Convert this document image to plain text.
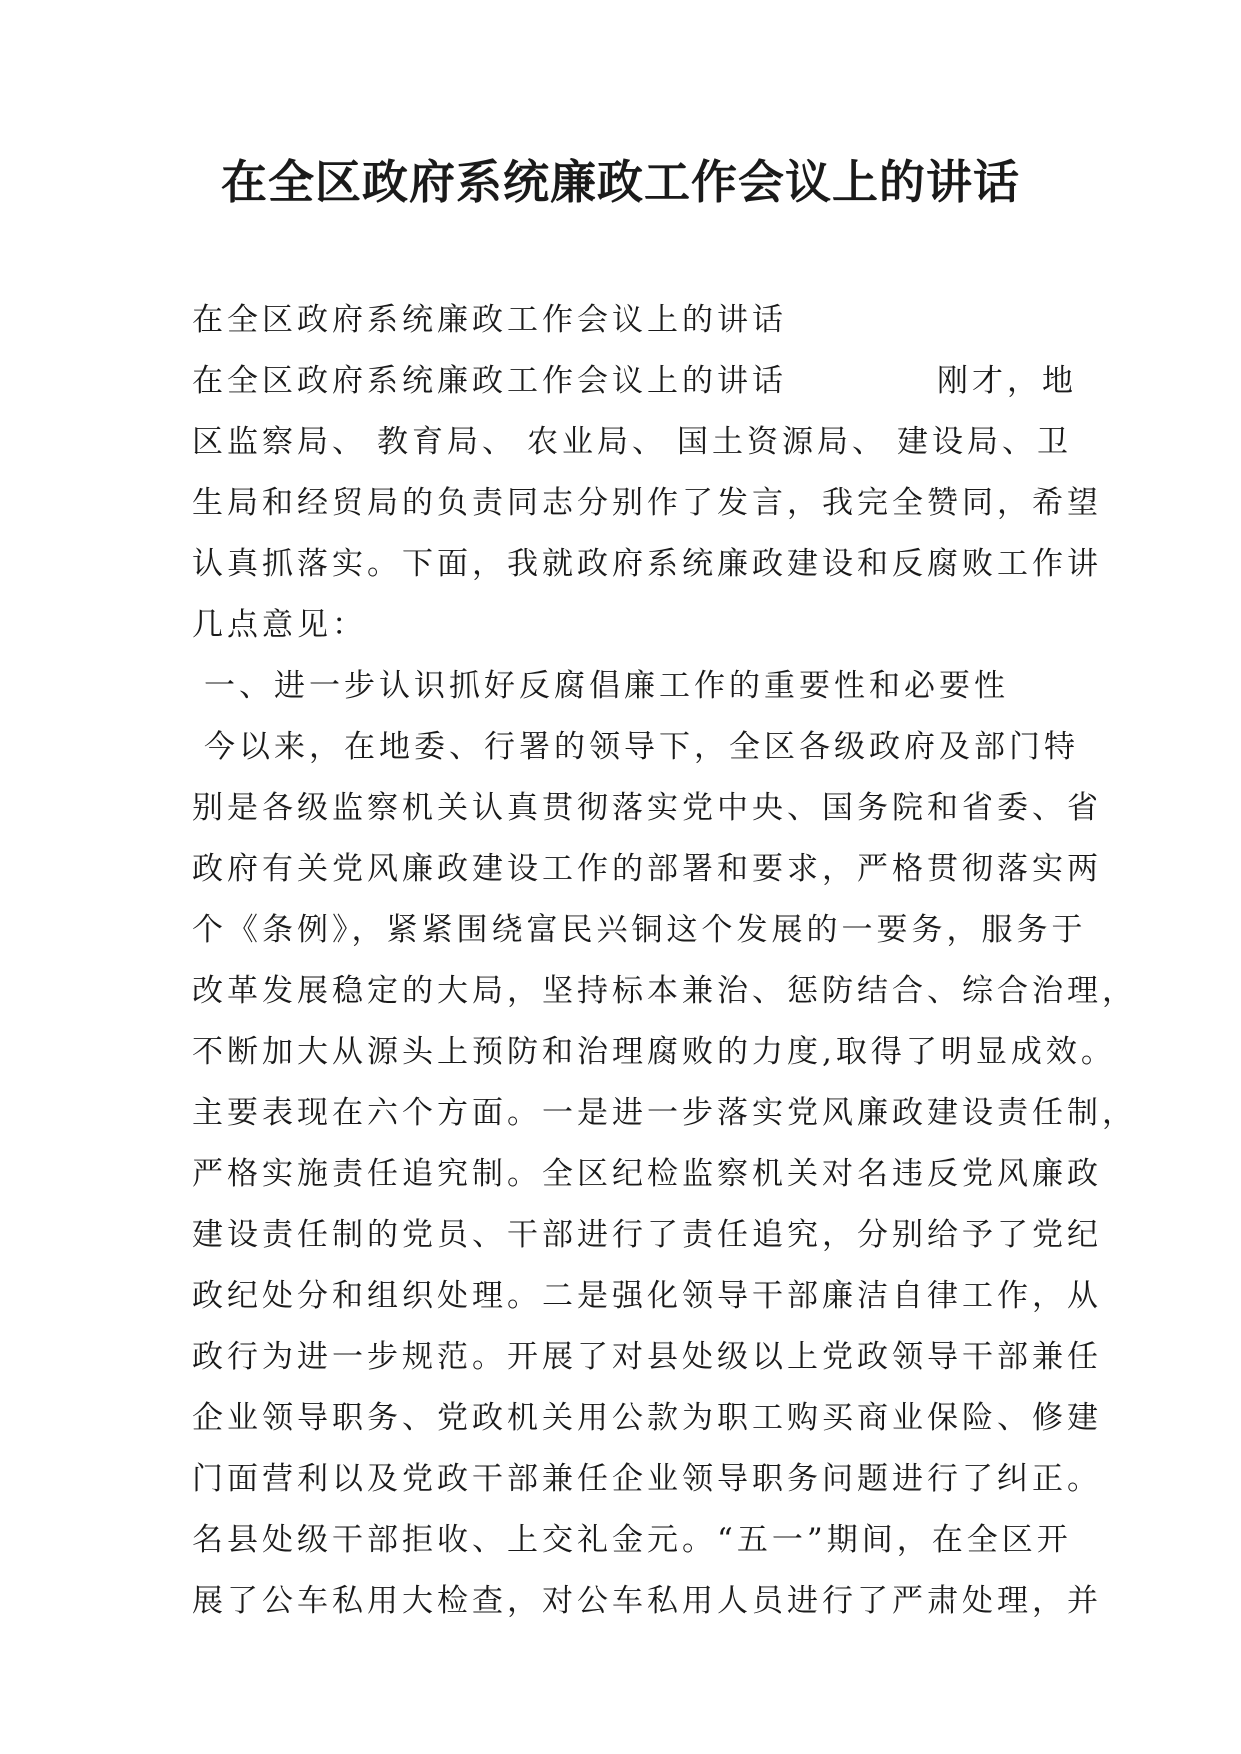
在全区政府系统廉政工作会议上的讲话
在全区政府系统廉政工作会议上的讲话
在全区政府系统廉政工作会议上的讲话	刚才，地
区监察局、 教育局、 农业局、 国土资源局、 建设局、卫
生局和经贸局的负责同志分别作了发言，我完全赞同，希望
认真抓落实。下面，我就政府系统廉政建设和反腐败工作讲
几点意见：
一、进一步认识抓好反腐倡廉工作的重要性和必要性
今以来，在地委、行署的领导下，全区各级政府及部门特
别是各级监察机关认真贯彻落实党中央、国务院和省委、省
政府有关党风廉政建设工作的部署和要求，严格贯彻落实两
个《条例》，紧紧围绕富民兴铜这个发展的一要务，服务于
改革发展稳定的大局，坚持标本兼治、惩防结合、综合治理，
不断加大从源头上预防和治理腐败的力度,取得了明显成效。
主要表现在六个方面。一是进一步落实党风廉政建设责任制，
严格实施责任追究制。全区纪检监察机关对名违反党风廉政
建设责任制的党员、干部进行了责任追究，分别给予了党纪
政纪处分和组织处理。二是强化领导干部廉洁自律工作，从
政行为进一步规范。开展了对县处级以上党政领导干部兼任
企业领导职务、党政机关用公款为职工购买商业保险、修建
门面营利以及党政干部兼任企业领导职务问题进行了纠正。
名县处级干部拒收、上交礼金元。“五一”期间，在全区开
展了公车私用大检查，对公车私用人员进行了严肃处理，并
